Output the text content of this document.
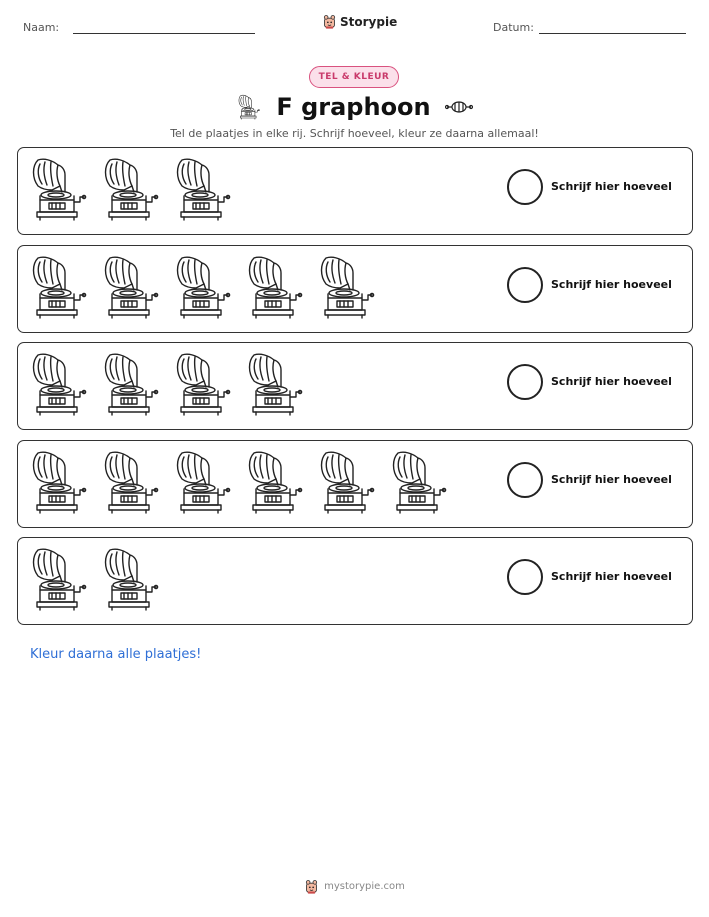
Naam:	Storypie	Datum:
TEL & KLEUR
F graphoon
Tel de plaatjes in elke rij. Schrijf hoeveel, kleur ze daarna allemaal!
Schrijf hier hoeveel
Schrijf hier hoeveel
Schrijf hier hoeveel
Schrijf hier hoeveel
Schrijf hier hoeveel
Kleur daarna alle plaatjes!
mystorypie.com
